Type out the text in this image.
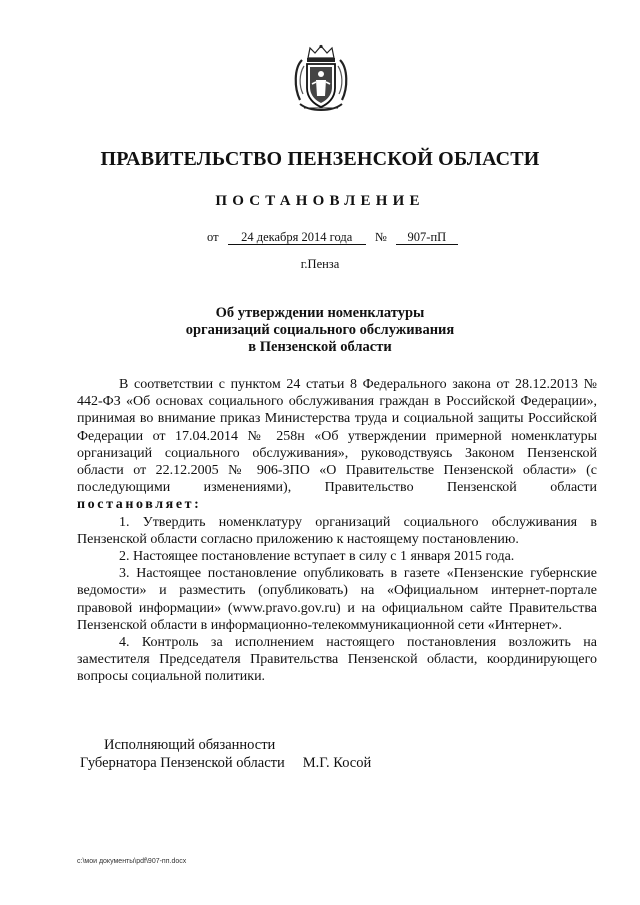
ПРАВИТЕЛЬСТВО ПЕНЗЕНСКОЙ ОБЛАСТИ
ПОСТАНОВЛЕНИЕ
от 24 декабря 2014 года № 907-пП
г.Пенза
Об утверждении номенклатуры
организаций социального обслуживания
в Пензенской области

В соответствии с пунктом 24 статьи 8 Федерального закона от 28.12.2013 № 442-ФЗ «Об основах социального обслуживания граждан в Российской Федерации», принимая во внимание приказ Министерства труда и социальной защиты Российской Федерации от 17.04.2014 № 258н «Об утверждении примерной номенклатуры организаций социального обслуживания», руководствуясь Законом Пензенской области от 22.12.2005 № 906-ЗПО «О Правительстве Пензенской области» (с последующими изменениями), Правительство Пензенской области постановляет:

1. Утвердить номенклатуру организаций социального обслуживания в Пензенской области согласно приложению к настоящему постановлению.

2. Настоящее постановление вступает в силу с 1 января 2015 года.

3. Настоящее постановление опубликовать в газете «Пензенские губернские ведомости» и разместить (опубликовать) на «Официальном интернет-портале правовой информации» (www.pravo.gov.ru) и на официальном сайте Правительства Пензенской области в информационно-телекоммуникационной сети «Интернет».

4. Контроль за исполнением настоящего постановления возложить на заместителя Председателя Правительства Пензенской области, координирующего вопросы социальной политики.

Исполняющий обязанности
Губернатора Пензенской области М.Г. Косой
c:\мои документы\pdf\907-пп.docx
